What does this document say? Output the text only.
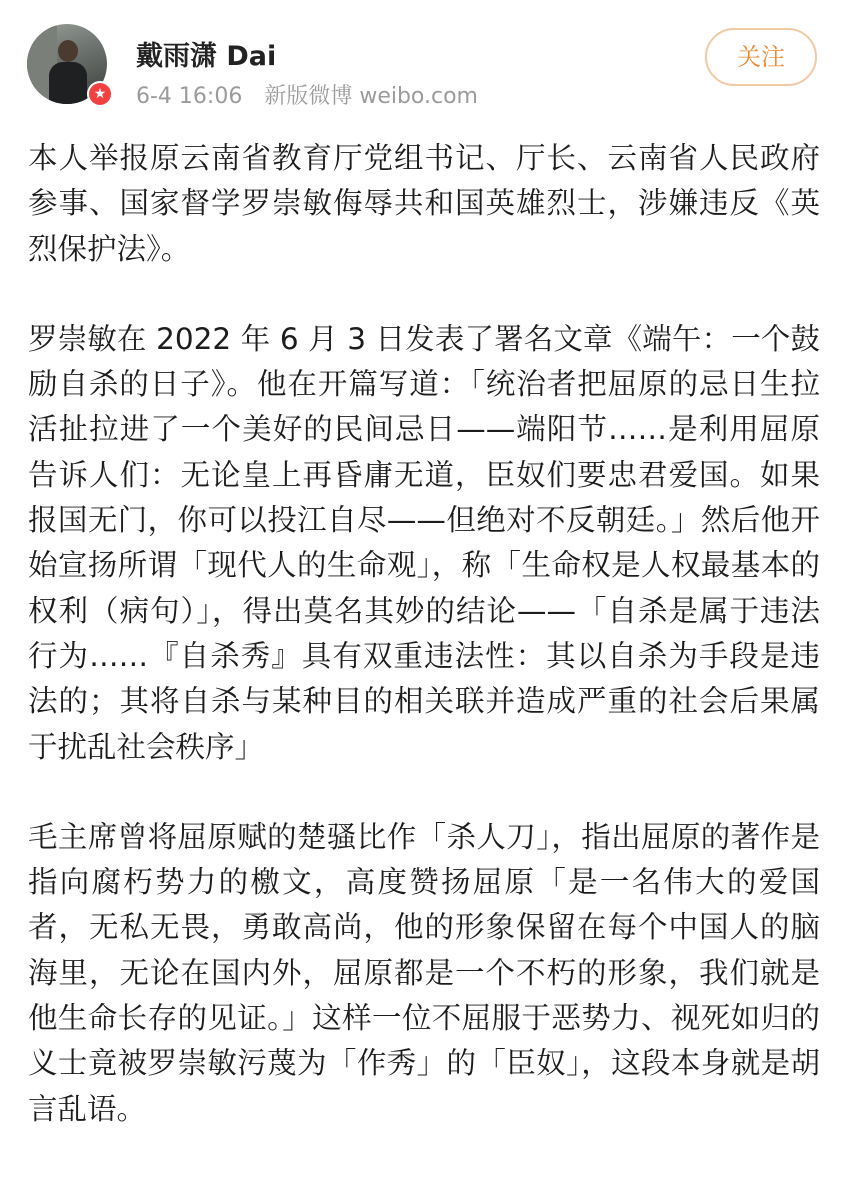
★
戴雨潇 Dai
6-4 16:06 新版微博 weibo.com
关注

本人举报原云南省教育厅党组书记、厅长、云南省人民政府参事、国家督学罗崇敏侮辱共和国英雄烈士，涉嫌违反《英烈保护法》。

罗崇敏在 2022 年 6 月 3 日发表了署名文章《端午：一个鼓励自杀的日子》。他在开篇写道：「统治者把屈原的忌日生拉活扯拉进了一个美好的民间忌日——端阳节……是利用屈原告诉人们：无论皇上再昏庸无道，臣奴们要忠君爱国。如果报国无门，你可以投江自尽——但绝对不反朝廷。」然后他开始宣扬所谓「现代人的生命观」，称「生命权是人权最基本的权利（病句）」，得出莫名其妙的结论——「自杀是属于违法行为……『自杀秀』具有双重违法性：其以自杀为手段是违法的；其将自杀与某种目的相关联并造成严重的社会后果属于扰乱社会秩序」

毛主席曾将屈原赋的楚骚比作「杀人刀」，指出屈原的著作是指向腐朽势力的檄文，高度赞扬屈原「是一名伟大的爱国者，无私无畏，勇敢高尚，他的形象保留在每个中国人的脑海里，无论在国内外，屈原都是一个不朽的形象，我们就是他生命长存的见证。」这样一位不屈服于恶势力、视死如归的义士竟被罗崇敏污蔑为「作秀」的「臣奴」，这段本身就是胡言乱语。
